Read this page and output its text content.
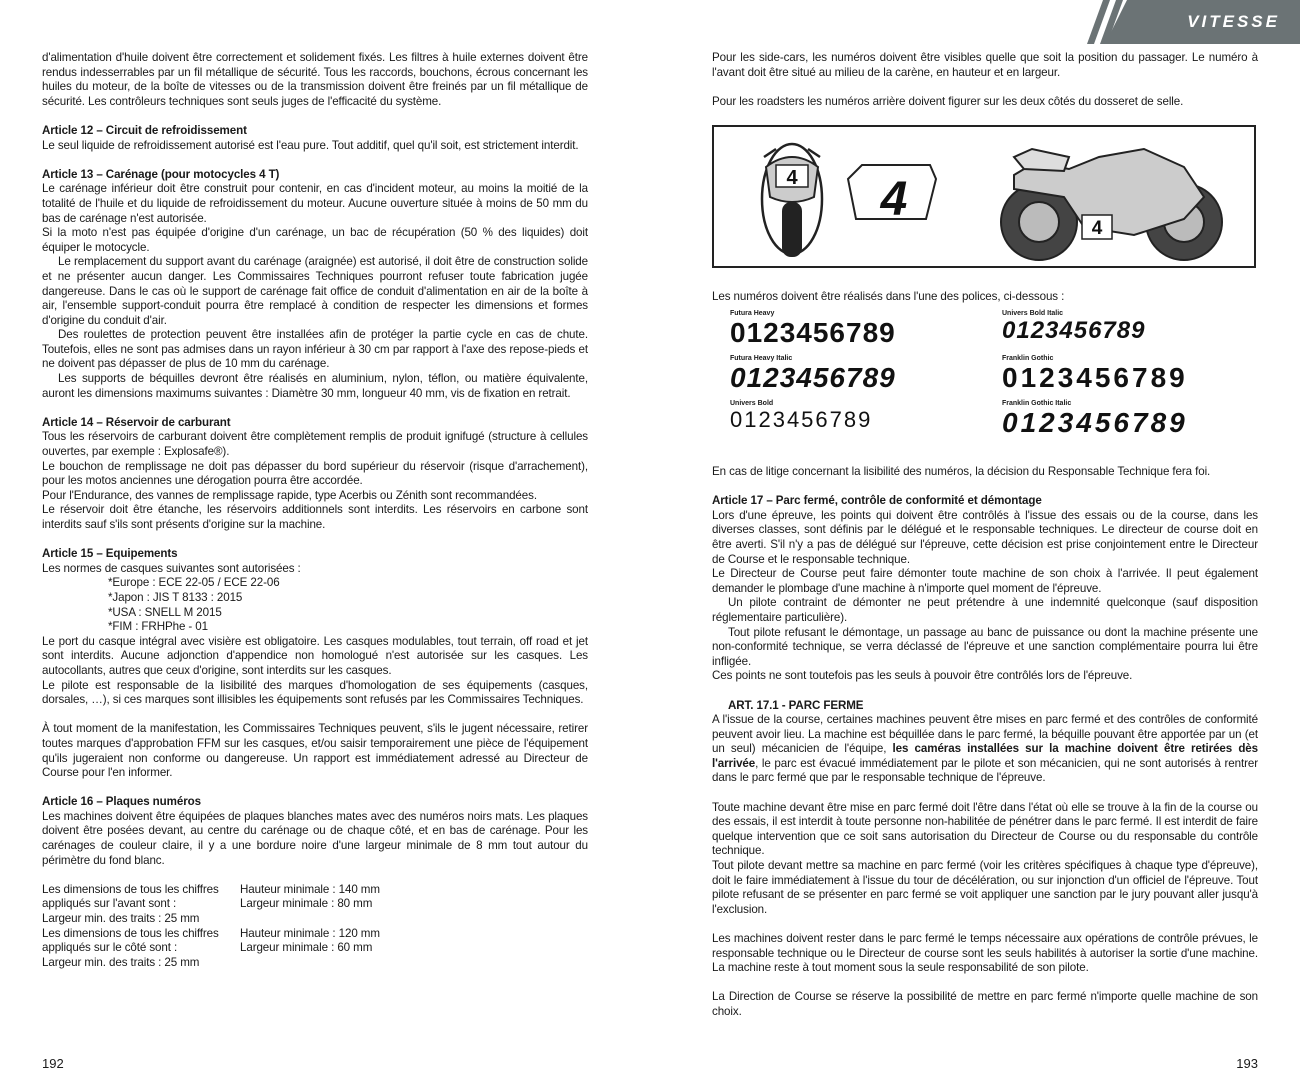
d'alimentation d'huile doivent être correctement et solidement fixés. Les filtres à huile externes doivent être rendus indesserrables par un fil métallique de sécurité. Tous les raccords, bouchons, écrous concernant les huiles du moteur, de la boîte de vitesses ou de la transmission doivent être freinés par un fil métallique de sécurité. Les contrôleurs techniques sont seuls juges de l'efficacité du système.

Article 12 – Circuit de refroidissement

Le seul liquide de refroidissement autorisé est l'eau pure. Tout additif, quel qu'il soit, est strictement interdit.

Article 13 – Carénage (pour motocycles 4 T)

Le carénage inférieur doit être construit pour contenir, en cas d'incident moteur, au moins la moitié de la totalité de l'huile et du liquide de refroidissement du moteur. Aucune ouverture située à moins de 50 mm du bas de carénage n'est autorisée.

Si la moto n'est pas équipée d'origine d'un carénage, un bac de récupération (50 % des liquides) doit équiper le motocycle.

Le remplacement du support avant du carénage (araignée) est autorisé, il doit être de construction solide et ne présenter aucun danger. Les Commissaires Techniques pourront refuser toute fabrication jugée dangereuse. Dans le cas où le support de carénage fait office de conduit d'alimentation en air de la boîte à air, l'ensemble support-conduit pourra être remplacé à condition de respecter les dimensions et formes d'origine du conduit d'air.

Des roulettes de protection peuvent être installées afin de protéger la partie cycle en cas de chute. Toutefois, elles ne sont pas admises dans un rayon inférieur à 30 cm par rapport à l'axe des repose-pieds et ne doivent pas dépasser de plus de 10 mm du carénage.

Les supports de béquilles devront être réalisés en aluminium, nylon, téflon, ou matière équivalente, auront les dimensions maximums suivantes : Diamètre 30 mm, longueur 40 mm, vis de fixation en retrait.

Article 14 – Réservoir de carburant

Tous les réservoirs de carburant doivent être complètement remplis de produit ignifugé (structure à cellules ouvertes, par exemple : Explosafe®).

Le bouchon de remplissage ne doit pas dépasser du bord supérieur du réservoir (risque d'arrachement), pour les motos anciennes une dérogation pourra être accordée.

Pour l'Endurance, des vannes de remplissage rapide, type Acerbis ou Zénith sont recommandées.

Le réservoir doit être étanche, les réservoirs additionnels sont interdits. Les réservoirs en carbone sont interdits sauf s'ils sont présents d'origine sur la machine.

Article 15 – Equipements

Les normes de casques suivantes sont autorisées :

*Europe : ECE 22-05 / ECE 22-06

*Japon : JIS T 8133 : 2015

*USA : SNELL M 2015

*FIM : FRHPhe - 01

Le port du casque intégral avec visière est obligatoire. Les casques modulables, tout terrain, off road et jet sont interdits. Aucune adjonction d'appendice non homologué n'est autorisée sur les casques. Les autocollants, autres que ceux d'origine, sont interdits sur les casques.

Le pilote est responsable de la lisibilité des marques d'homologation de ses équipements (casques, dorsales, …), si ces marques sont illisibles les équipements sont refusés par les Commissaires Techniques.

À tout moment de la manifestation, les Commissaires Techniques peuvent, s'ils le jugent nécessaire, retirer toutes marques d'approbation FFM sur les casques, et/ou saisir temporairement une pièce de l'équipement qu'ils jugeraient non conforme ou dangereuse. Un rapport est immédiatement adressé au Directeur de Course pour l'en informer.

Article 16 – Plaques numéros

Les machines doivent être équipées de plaques blanches mates avec des numéros noirs mats. Les plaques doivent être posées devant, au centre du carénage ou de chaque côté, et en bas de carénage. Pour les carénages de couleur claire, il y a une bordure noire d'une largeur minimale de 8 mm tout autour du périmètre du fond blanc.

Les dimensions de tous les chiffres	Hauteur minimale : 140 mm
appliqués sur l'avant sont :	Largeur minimale : 80 mm
Largeur min. des traits : 25 mm
Les dimensions de tous les chiffres	Hauteur minimale : 120 mm
appliqués sur le côté sont :	Largeur minimale : 60 mm
Largeur min. des traits : 25 mm
192
VITESSE

Pour les side-cars, les numéros doivent être visibles quelle que soit la position du passager. Le numéro à l'avant doit être situé au milieu de la carène, en hauteur et en largeur.

Pour les roadsters les numéros arrière doivent figurer sur les deux côtés du dosseret de selle.

4 4
4

Les numéros doivent être réalisés dans l'une des polices, ci-dessous :

Futura Heavy
0123456789
Univers Bold Italic
0123456789
Futura Heavy Italic
0123456789
Franklin Gothic
0123456789
Univers Bold
0123456789
Franklin Gothic Italic
0123456789

En cas de litige concernant la lisibilité des numéros, la décision du Responsable Technique fera foi.

Article 17 – Parc fermé, contrôle de conformité et démontage

Lors d'une épreuve, les points qui doivent être contrôlés à l'issue des essais ou de la course, dans les diverses classes, sont définis par le délégué et le responsable techniques. Le directeur de course doit en être averti. S'il n'y a pas de délégué sur l'épreuve, cette décision est prise conjointement entre le Directeur de Course et le responsable technique.

Le Directeur de Course peut faire démonter toute machine de son choix à l'arrivée. Il peut également demander le plombage d'une machine à n'importe quel moment de l'épreuve.

Un pilote contraint de démonter ne peut prétendre à une indemnité quelconque (sauf disposition réglementaire particulière).

Tout pilote refusant le démontage, un passage au banc de puissance ou dont la machine présente une non-conformité technique, se verra déclassé de l'épreuve et une sanction complémentaire pourra lui être infligée.

Ces points ne sont toutefois pas les seuls à pouvoir être contrôlés lors de l'épreuve.

ART. 17.1 - PARC FERME

A l'issue de la course, certaines machines peuvent être mises en parc fermé et des contrôles de conformité peuvent avoir lieu. La machine est béquillée dans le parc fermé, la béquille pouvant être apportée par un (et un seul) mécanicien de l'équipe, les caméras installées sur la machine doivent être retirées dès l'arrivée, le parc est évacué immédiatement par le pilote et son mécanicien, qui ne sont autorisés à rentrer dans le parc fermé que par le responsable technique de l'épreuve.

Toute machine devant être mise en parc fermé doit l'être dans l'état où elle se trouve à la fin de la course ou des essais, il est interdit à toute personne non-habilitée de pénétrer dans le parc fermé. Il est interdit de faire quelque intervention que ce soit sans autorisation du Directeur de Course ou du responsable du contrôle technique.

Tout pilote devant mettre sa machine en parc fermé (voir les critères spécifiques à chaque type d'épreuve), doit le faire immédiatement à l'issue du tour de décélération, ou sur injonction d'un officiel de l'épreuve. Tout pilote refusant de se présenter en parc fermé se voit appliquer une sanction par le jury pouvant aller jusqu'à l'exclusion.

Les machines doivent rester dans le parc fermé le temps nécessaire aux opérations de contrôle prévues, le responsable technique ou le Directeur de course sont les seuls habilités à autoriser la sortie d'une machine. La machine reste à tout moment sous la seule responsabilité de son pilote.

La Direction de Course se réserve la possibilité de mettre en parc fermé n'importe quelle machine de son choix.

193
